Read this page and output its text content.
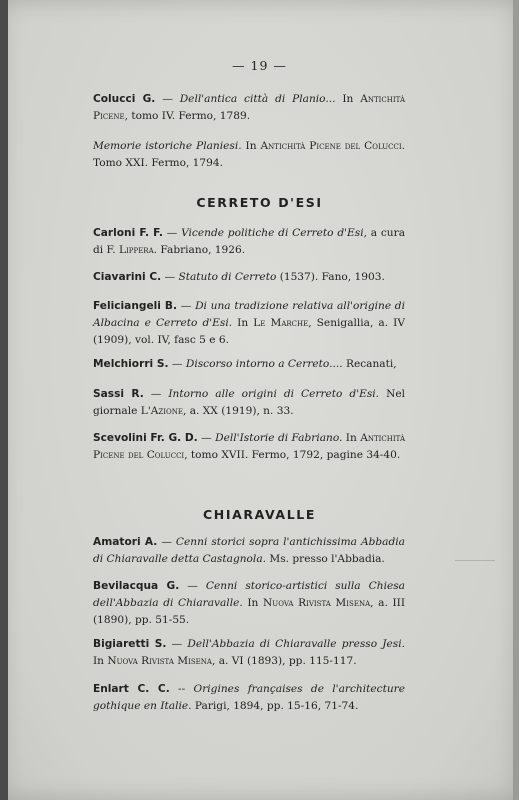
— 19 —
Colucci G. — Dell'antica città di Planio... In Antichità Picene, tomo IV. Fermo, 1789.
Memorie istoriche Planiesi. In Antichità Picene del Colucci. Tomo XXI. Fermo, 1794.
CERRETO D'ESI
Carloni F. F. — Vicende politiche di Cerreto d'Esi, a cura di F. Lippera. Fabriano, 1926.
Ciavarini C. — Statuto di Cerreto (1537). Fano, 1903.
Feliciangeli B. — Di una tradizione relativa all'origine di Albacina e Cerreto d'Esi. In Le Marche, Senigallia, a. IV (1909), vol. IV, fasc 5 e 6.
Melchiorri S. — Discorso intorno a Cerreto.... Recanati,
Sassi R. — Intorno alle origini di Cerreto d'Esi. Nel giornale L'Azione, a. XX (1919), n. 33.
Scevolini Fr. G. D. — Dell'Istorie di Fabriano. In Antichità Picene del Colucci, tomo XVII. Fermo, 1792, pagine 34-40.
CHIARAVALLE
Amatori A. — Cenni storici sopra l'antichissima Abbadia di Chiaravalle detta Castagnola. Ms. presso l'Abbadia.
Bevilacqua G. — Cenni storico-artistici sulla Chiesa dell'Abbazia di Chiaravalle. In Nuova Rivista Misena, a. III (1890), pp. 51-55.
Bigiaretti S. — Dell'Abbazia di Chiaravalle presso Jesi. In Nuova Rivista Misena, a. VI (1893), pp. 115-117.
Enlart C. C. -- Origines françaises de l'architecture gothique en Italie. Parigi, 1894, pp. 15-16, 71-74.
